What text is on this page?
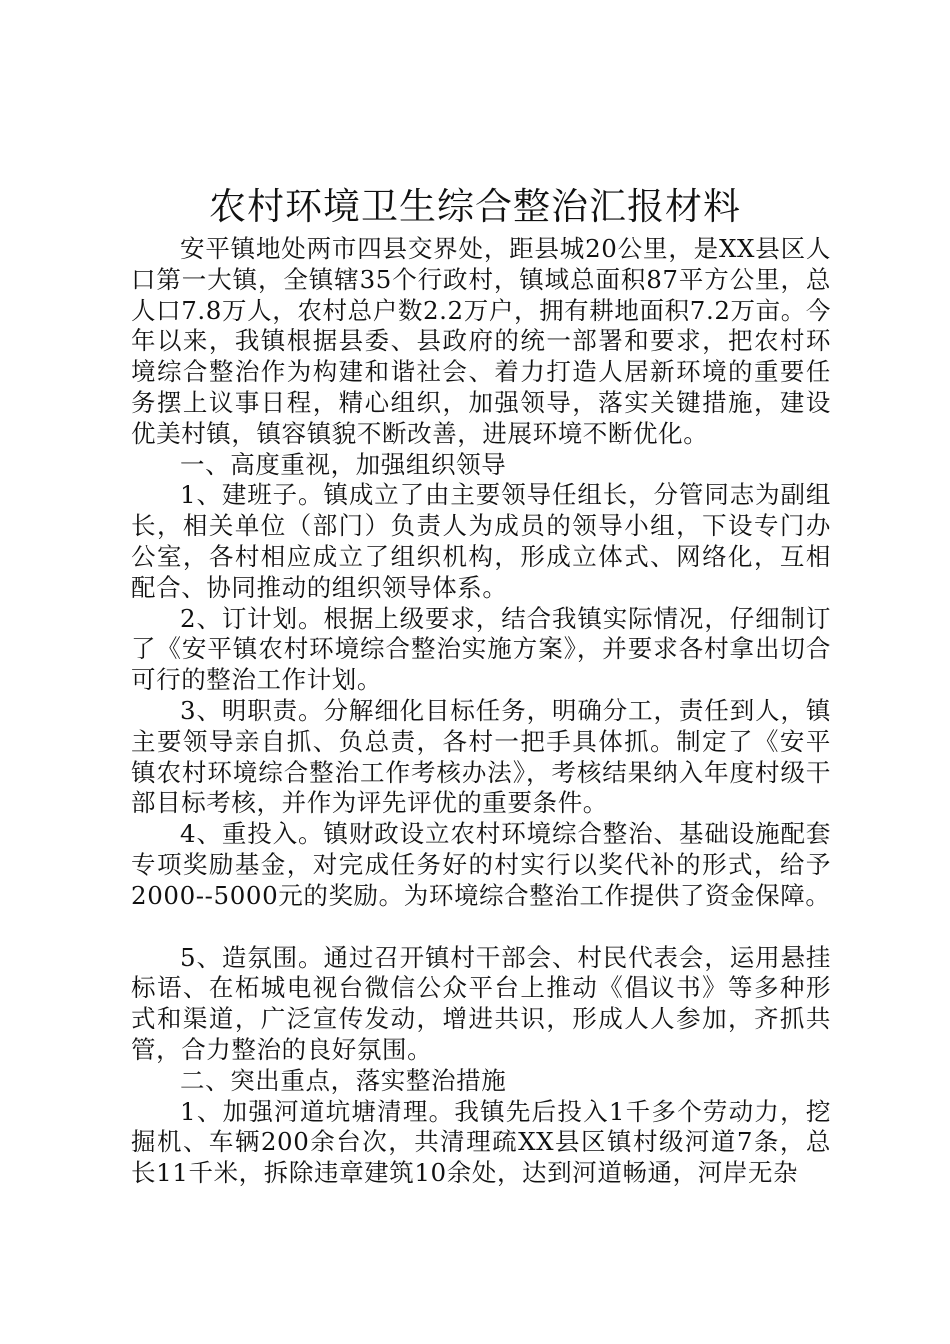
农村环境卫生综合整治汇报材料

安平镇地处两市四县交界处，距县城20公里，是XX县区人口第一大镇，全镇辖35个行政村，镇域总面积87平方公里，总人口7.8万人，农村总户数2.2万户，拥有耕地面积7.2万亩。今年以来，我镇根据县委、县政府的统一部署和要求，把农村环境综合整治作为构建和谐社会、着力打造人居新环境的重要任务摆上议事日程，精心组织，加强领导，落实关键措施，建设优美村镇，镇容镇貌不断改善，进展环境不断优化。

一、高度重视，加强组织领导

1、建班子。镇成立了由主要领导任组长，分管同志为副组长，相关单位（部门）负责人为成员的领导小组，下设专门办公室，各村相应成立了组织机构，形成立体式、网络化，互相配合、协同推动的组织领导体系。

2、订计划。根据上级要求，结合我镇实际情况，仔细制订了《安平镇农村环境综合整治实施方案》，并要求各村拿出切合可行的整治工作计划。

3、明职责。分解细化目标任务，明确分工，责任到人，镇主要领导亲自抓、负总责，各村一把手具体抓。制定了《安平镇农村环境综合整治工作考核办法》，考核结果纳入年度村级干部目标考核，并作为评先评优的重要条件。

4、重投入。镇财政设立农村环境综合整治、基础设施配套专项奖励基金，对完成任务好的村实行以奖代补的形式，给予2000--5000元的奖励。为环境综合整治工作提供了资金保障。

5、造氛围。通过召开镇村干部会、村民代表会，运用悬挂标语、在柘城电视台微信公众平台上推动《倡议书》等多种形式和渠道，广泛宣传发动，增进共识，形成人人参加，齐抓共管，合力整治的良好氛围。

二、突出重点，落实整治措施

1、加强河道坑塘清理。我镇先后投入1千多个劳动力，挖掘机、车辆200余台次，共清理疏XX县区镇村级河道7条，总长11千米，拆除违章建筑10余处，达到河道畅通，河岸无杂
